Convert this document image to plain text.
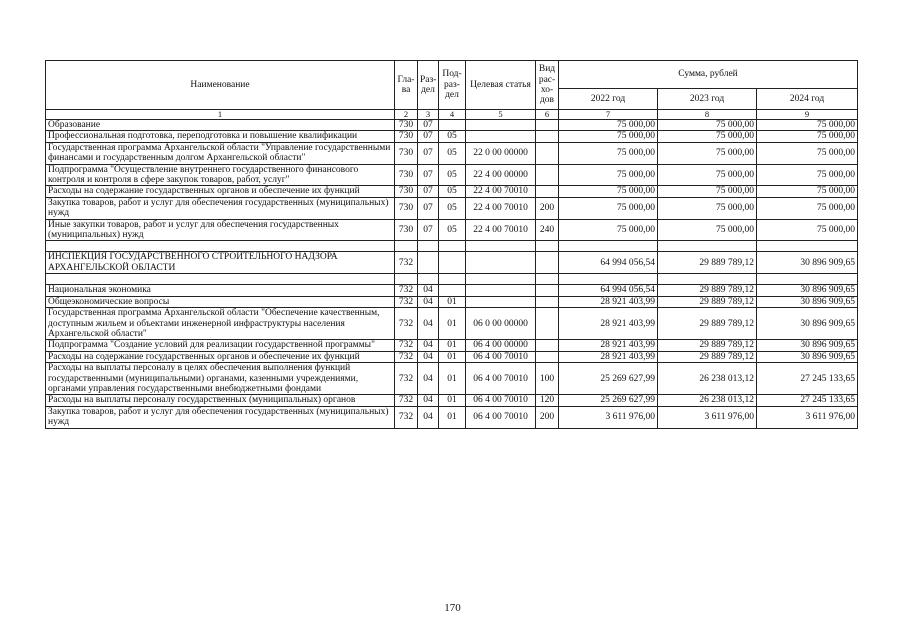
Наименование	Гла-ва	Раз-дел	Под-раз-дел	Целевая статья	Вид рас-хо-дов	Сумма, рублей		
						2022 год	2023 год	2024 год
1	2	3	4	5	6	7	8	9
Образование	730	07				75 000,00	75 000,00	75 000,00
Профессиональная подготовка, переподготовка и повышение квалификации	730	07	05			75 000,00	75 000,00	75 000,00
Государственная программа Архангельской области "Управление государственными финансами и государственным долгом Архангельской области"	730	07	05	22 0 00 00000		75 000,00	75 000,00	75 000,00
Подпрограмма "Осуществление внутреннего государственного финансового контроля и контроля в сфере закупок товаров, работ, услуг"	730	07	05	22 4 00 00000		75 000,00	75 000,00	75 000,00
Расходы на содержание государственных органов и обеспечение их функций	730	07	05	22 4 00 70010		75 000,00	75 000,00	75 000,00
Закупка товаров, работ и услуг для обеспечения государственных (муниципальных) нужд	730	07	05	22 4 00 70010	200	75 000,00	75 000,00	75 000,00
Иные закупки товаров, работ и услуг для обеспечения государственных (муниципальных) нужд	730	07	05	22 4 00 70010	240	75 000,00	75 000,00	75 000,00

ИНСПЕКЦИЯ ГОСУДАРСТВЕННОГО СТРОИТЕЛЬНОГО НАДЗОРА АРХАНГЕЛЬСКОЙ ОБЛАСТИ	732					64 994 056,54	29 889 789,12	30 896 909,65

Национальная экономика	732	04				64 994 056,54	29 889 789,12	30 896 909,65
Общеэкономические вопросы	732	04	01			28 921 403,99	29 889 789,12	30 896 909,65
Государственная программа Архангельской области "Обеспечение качественным, доступным жильем и объектами инженерной инфраструктуры населения Архангельской области"	732	04	01	06 0 00 00000		28 921 403,99	29 889 789,12	30 896 909,65
Подпрограмма "Создание условий для реализации государственной программы"	732	04	01	06 4 00 00000		28 921 403,99	29 889 789,12	30 896 909,65
Расходы на содержание государственных органов и обеспечение их функций	732	04	01	06 4 00 70010		28 921 403,99	29 889 789,12	30 896 909,65
Расходы на выплаты персоналу в целях обеспечения выполнения функций государственными (муниципальными) органами, казенными учреждениями, органами управления государственными внебюджетными фондами	732	04	01	06 4 00 70010	100	25 269 627,99	26 238 013,12	27 245 133,65
Расходы на выплаты персоналу государственных (муниципальных) органов	732	04	01	06 4 00 70010	120	25 269 627,99	26 238 013,12	27 245 133,65
Закупка товаров, работ и услуг для обеспечения государственных (муниципальных) нужд	732	04	01	06 4 00 70010	200	3 611 976,00	3 611 976,00	3 611 976,00
170
